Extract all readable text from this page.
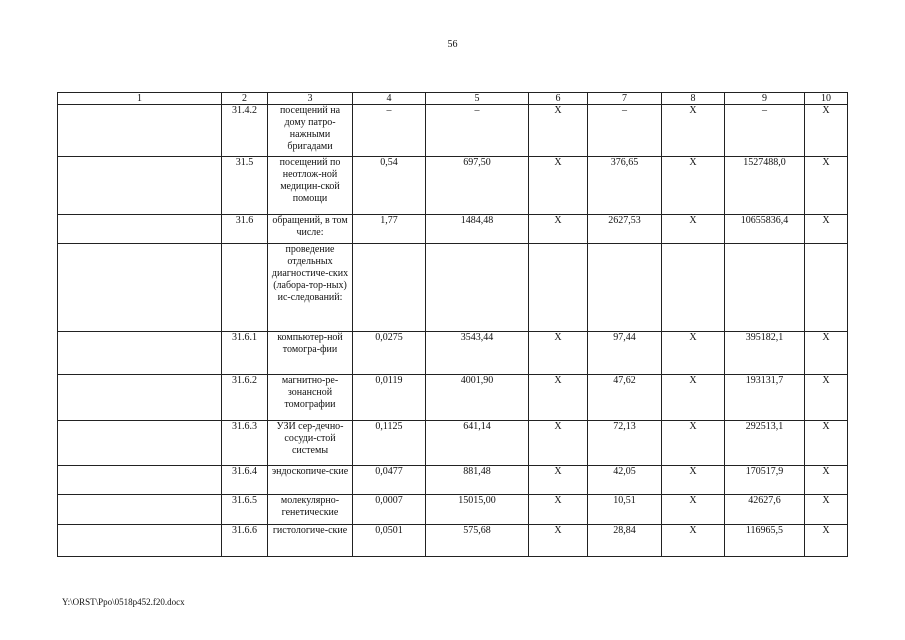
56
1	2	3	4	5	6	7	8	9	10
	31.4.2	посещений на дому патро-нажными бригадами	–	–	Х	–	Х	–	Х
	31.5	посещений по неотлож-ной медицин-ской помощи	0,54	697,50	Х	376,65	Х	1527488,0	Х
	31.6	обращений, в том числе:	1,77	1484,48	Х	2627,53	Х	10655836,4	Х
		проведение отдельных диагностиче-ских (лабора-тор-ных) ис-следований:							
	31.6.1	компьютер-ной томогра-фии	0,0275	3543,44	Х	97,44	Х	395182,1	Х
	31.6.2	магнитно-ре-зонансной томографии	0,0119	4001,90	Х	47,62	Х	193131,7	Х
	31.6.3	УЗИ сер-дечно-сосуди-стой системы	0,1125	641,14	Х	72,13	Х	292513,1	Х
	31.6.4	эндоскопиче-ские	0,0477	881,48	Х	42,05	Х	170517,9	Х
	31.6.5	молекулярно-генетические	0,0007	15015,00	Х	10,51	Х	42627,6	Х
	31.6.6	гистологиче-ские	0,0501	575,68	Х	28,84	Х	116965,5	Х
Y:\ORST\Ppo\0518p452.f20.docx
